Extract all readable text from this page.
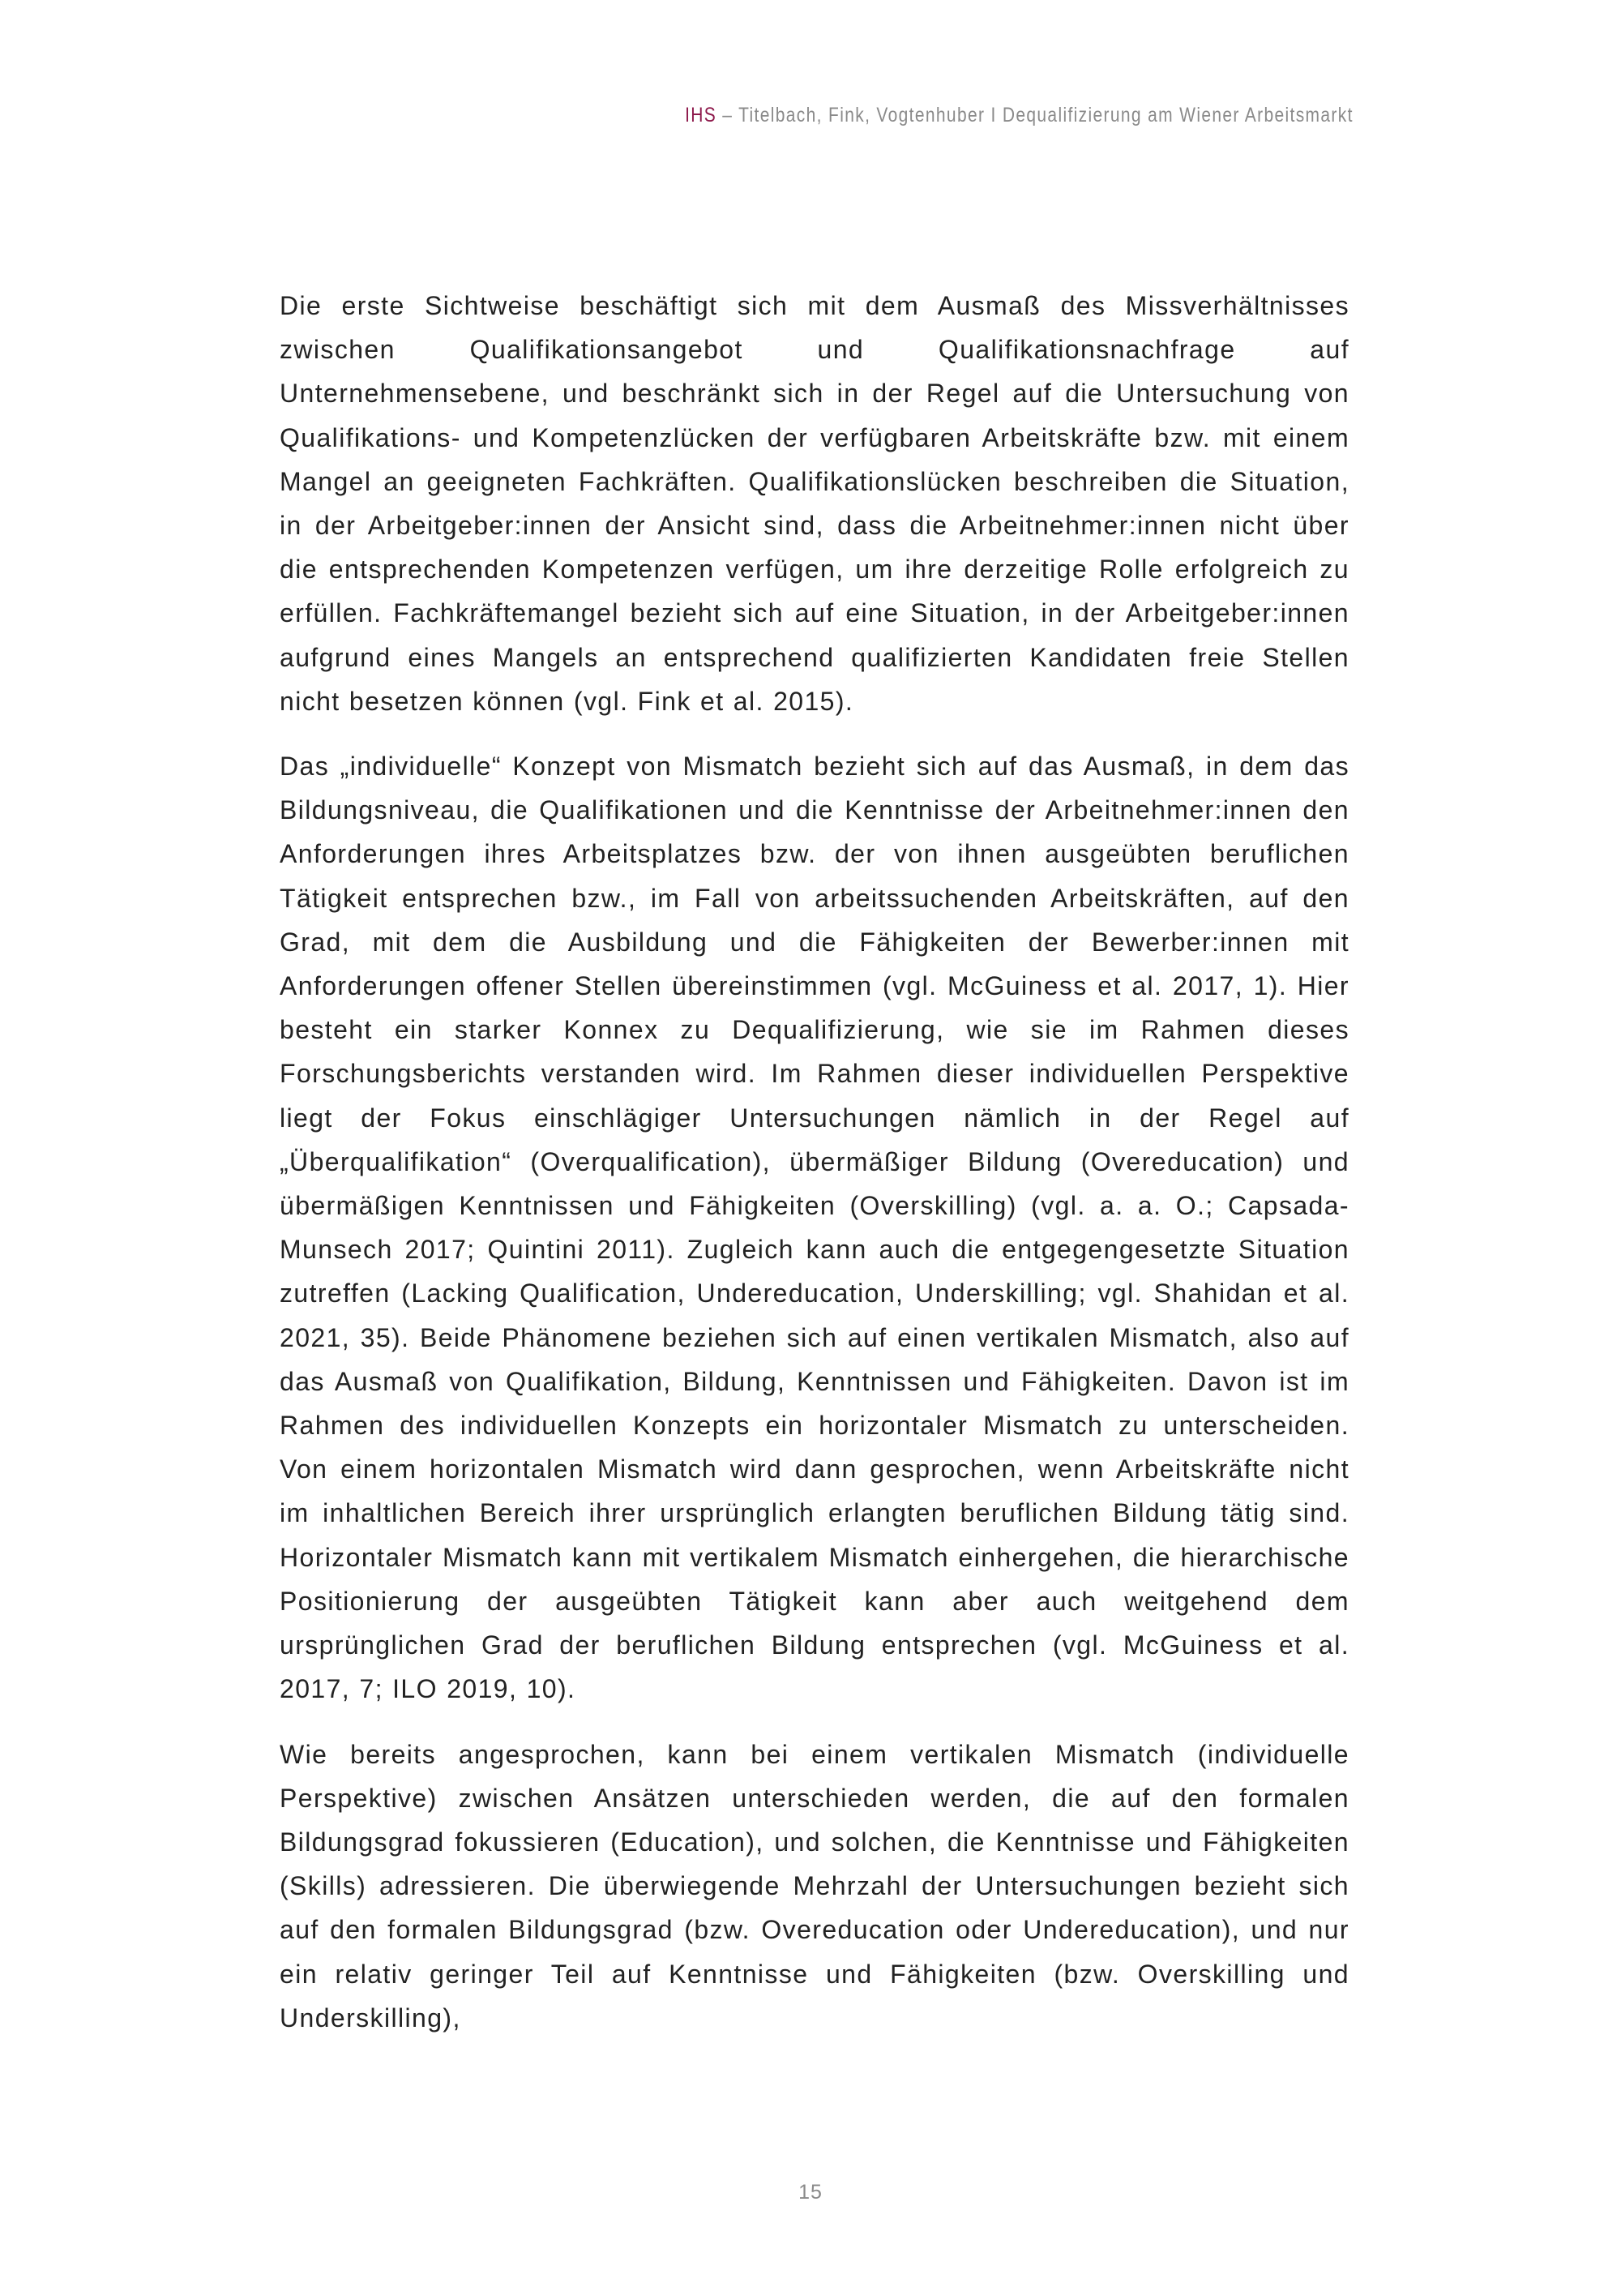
IHS – Titelbach, Fink, Vogtenhuber I Dequalifizierung am Wiener Arbeitsmarkt

Die erste Sichtweise beschäftigt sich mit dem Ausmaß des Missverhältnisses zwischen Qualifikationsangebot und Qualifikationsnachfrage auf Unternehmensebene, und beschränkt sich in der Regel auf die Untersuchung von Qualifikations- und Kompetenzlücken der verfügbaren Arbeitskräfte bzw. mit einem Mangel an geeigneten Fachkräften. Qualifikationslücken beschreiben die Situation, in der Arbeitgeber:innen der Ansicht sind, dass die Arbeitnehmer:innen nicht über die entsprechenden Kompetenzen verfügen, um ihre derzeitige Rolle erfolgreich zu erfüllen. Fachkräftemangel bezieht sich auf eine Situation, in der Arbeitgeber:innen aufgrund eines Mangels an entsprechend qualifizierten Kandidaten freie Stellen nicht besetzen können (vgl. Fink et al. 2015).

Das „individuelle“ Konzept von Mismatch bezieht sich auf das Ausmaß, in dem das Bildungsniveau, die Qualifikationen und die Kenntnisse der Arbeitnehmer:innen den Anforderungen ihres Arbeitsplatzes bzw. der von ihnen ausgeübten beruflichen Tätigkeit entsprechen bzw., im Fall von arbeitssuchenden Arbeitskräften, auf den Grad, mit dem die Ausbildung und die Fähigkeiten der Bewerber:innen mit Anforderungen offener Stellen übereinstimmen (vgl. McGuiness et al. 2017, 1). Hier besteht ein starker Konnex zu Dequalifizierung, wie sie im Rahmen dieses Forschungsberichts verstanden wird. Im Rahmen dieser individuellen Perspektive liegt der Fokus einschlägiger Untersuchungen nämlich in der Regel auf „Überqualifikation“ (Overqualification), übermäßiger Bildung (Overeducation) und übermäßigen Kenntnissen und Fähigkeiten (Overskilling) (vgl. a. a. O.; Capsada-Munsech 2017; Quintini 2011). Zugleich kann auch die entgegengesetzte Situation zutreffen (Lacking Qualification, Undereducation, Underskilling; vgl. Shahidan et al. 2021, 35). Beide Phänomene beziehen sich auf einen vertikalen Mismatch, also auf das Ausmaß von Qualifikation, Bildung, Kenntnissen und Fähigkeiten. Davon ist im Rahmen des individuellen Konzepts ein horizontaler Mismatch zu unterscheiden. Von einem horizontalen Mismatch wird dann gesprochen, wenn Arbeitskräfte nicht im inhaltlichen Bereich ihrer ursprünglich erlangten beruflichen Bildung tätig sind. Horizontaler Mismatch kann mit vertikalem Mismatch einhergehen, die hierarchische Positionierung der ausgeübten Tätigkeit kann aber auch weitgehend dem ursprünglichen Grad der beruflichen Bildung entsprechen (vgl. McGuiness et al. 2017, 7; ILO 2019, 10).

Wie bereits angesprochen, kann bei einem vertikalen Mismatch (individuelle Perspektive) zwischen Ansätzen unterschieden werden, die auf den formalen Bildungsgrad fokussieren (Education), und solchen, die Kenntnisse und Fähigkeiten (Skills) adressieren. Die überwiegende Mehrzahl der Untersuchungen bezieht sich auf den formalen Bildungsgrad (bzw. Overeducation oder Undereducation), und nur ein relativ geringer Teil auf Kenntnisse und Fähigkeiten (bzw. Overskilling und Underskilling),

15
